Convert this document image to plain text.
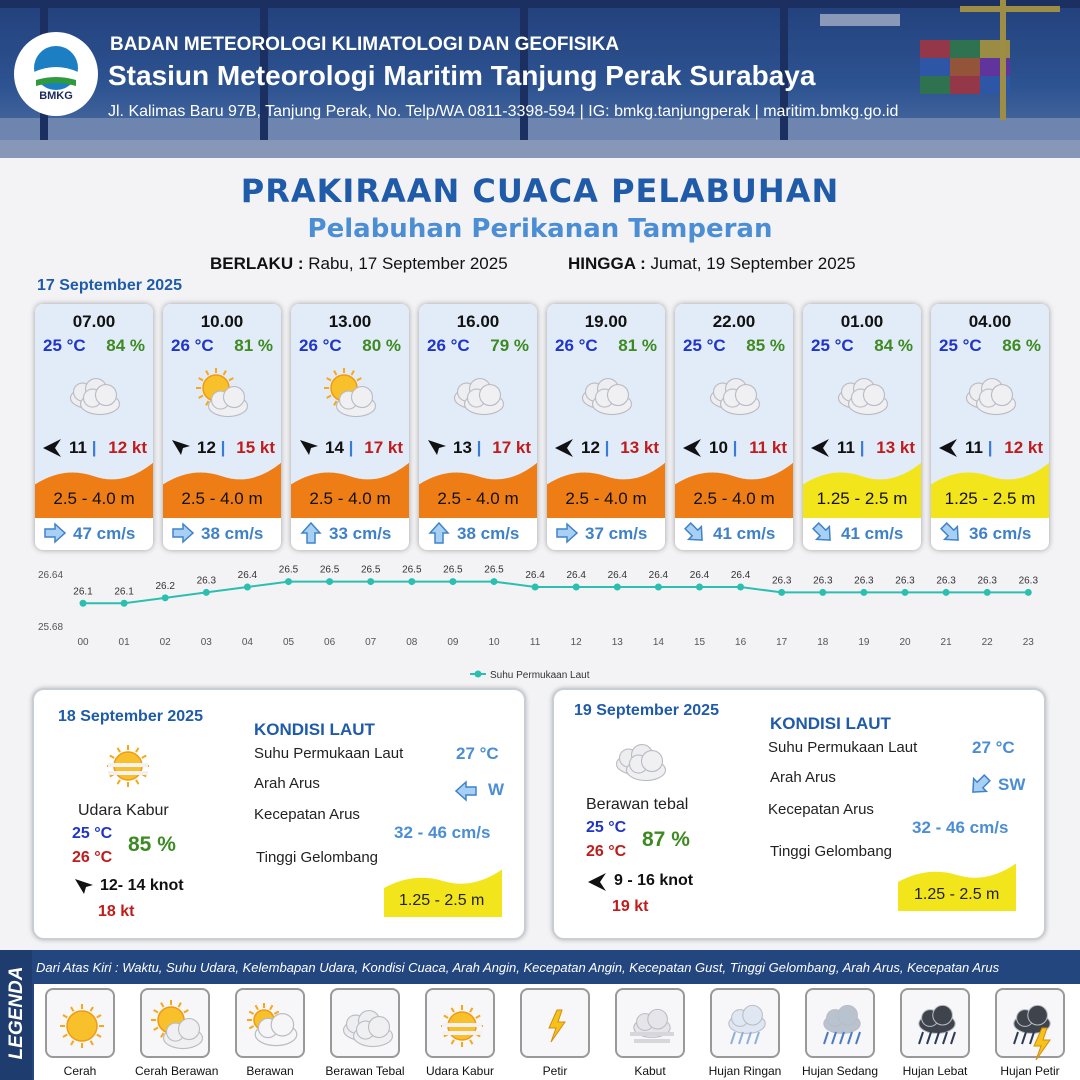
BMKG
BADAN METEOROLOGI KLIMATOLOGI DAN GEOFISIKA
Stasiun Meteorologi Maritim Tanjung Perak Surabaya
Jl. Kalimas Baru 97B, Tanjung Perak, No. Telp/WA 0811-3398-594 | IG: bmkg.tanjungperak | maritim.bmkg.go.id
PRAKIRAAN CUACA PELABUHAN
Pelabuhan Perikanan Tamperan
BERLAKU : Rabu, 17 September 2025	HINGGA : Jumat, 19 September 2025
17 September 2025
07.00
25 °C 84 %
11 | 12 kt
2.5 - 4.0 m
47 cm/s
10.00
26 °C 81 %
12 | 15 kt
2.5 - 4.0 m
38 cm/s
13.00
26 °C 80 %
14 | 17 kt
2.5 - 4.0 m
33 cm/s
16.00
26 °C 79 %
13 | 17 kt
2.5 - 4.0 m
38 cm/s
19.00
26 °C 81 %
12 | 13 kt
2.5 - 4.0 m
37 cm/s
22.00
25 °C 85 %
10 | 11 kt
2.5 - 4.0 m
41 cm/s
01.00
25 °C 84 %
11 | 13 kt
1.25 - 2.5 m
41 cm/s
04.00
25 °C 86 %
11 | 12 kt
1.25 - 2.5 m
36 cm/s
26.64
25.68
26.1 26.1 26.2 26.3 26.4 26.5 26.5 26.5 26.5 26.5 26.5 26.4 26.4 26.4 26.4 26.4 26.4 26.3 26.3 26.3 26.3 26.3 26.3 26.3
00	01	02	03	04	05	06	07	08	09	10	11	12	13	14	15	16	17	18	19	20	21	22	23
Suhu Permukaan Laut
18 September 2025
Udara Kabur
25 °C
26 °C
85 %
12- 14 knot
18 kt
KONDISI LAUT
Suhu Permukaan Laut	27 °C
Arah Arus	W
Kecepatan Arus
32 - 46 cm/s
Tinggi Gelombang
1.25 - 2.5 m
19 September 2025
Berawan tebal
25 °C
26 °C
87 %
9 - 16 knot
19 kt
KONDISI LAUT
Suhu Permukaan Laut	27 °C
Arah Arus	SW
Kecepatan Arus
32 - 46 cm/s
Tinggi Gelombang
1.25 - 2.5 m
LEGENDA Dari Atas Kiri : Waktu, Suhu Udara, Kelembapan Udara, Kondisi Cuaca, Arah Angin, Kecepatan Angin, Kecepatan Gust, Tinggi Gelombang, Arah Arus, Kecepatan Arus
Cerah	Cerah Berawan	Berawan	Berawan Tebal	Udara Kabur	Petir	Kabut	Hujan Ringan	Hujan Sedang	Hujan Lebat	Hujan Petir
